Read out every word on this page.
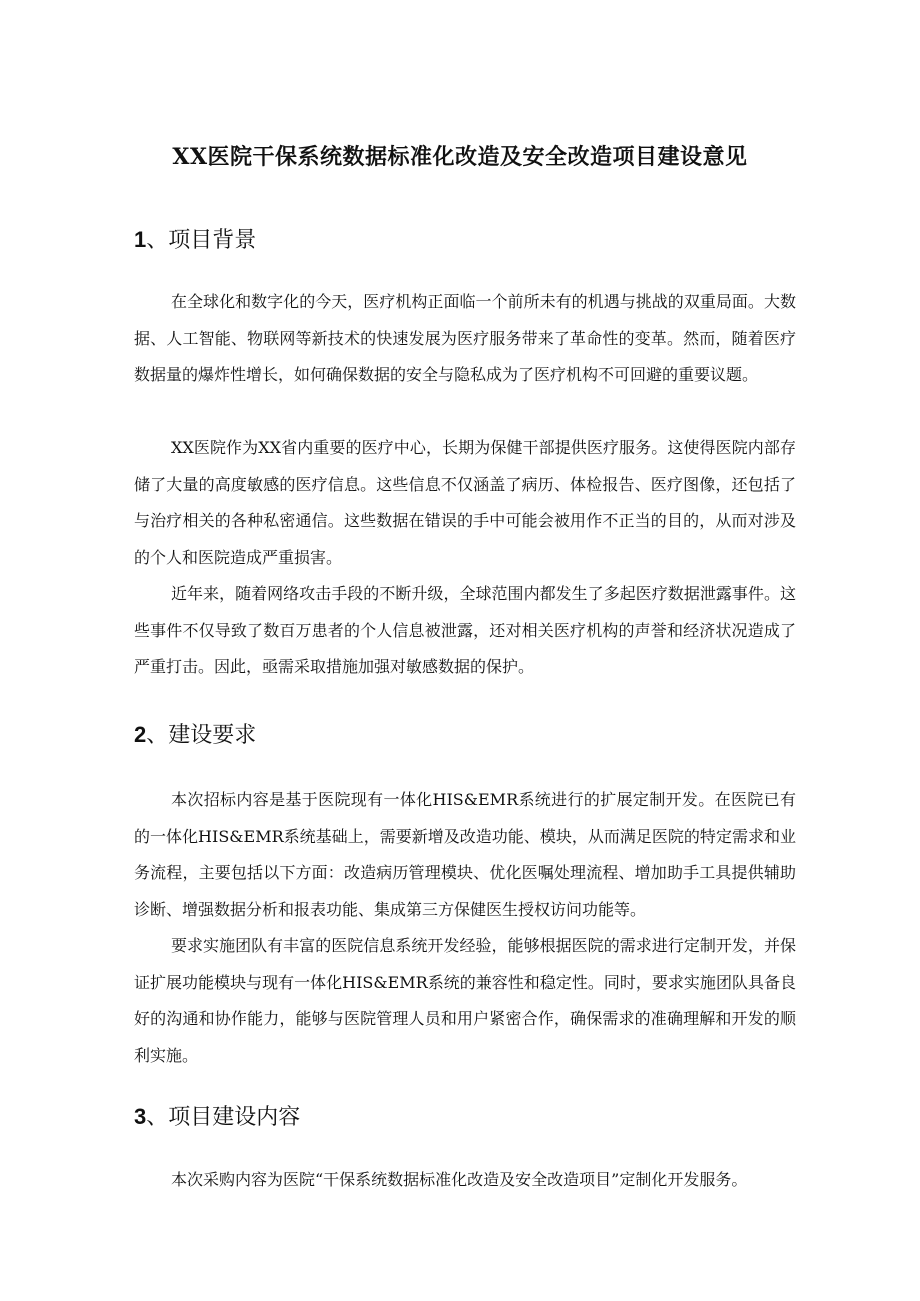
XX医院干保系统数据标准化改造及安全改造项目建设意见
1、项目背景

在全球化和数字化的今天，医疗机构正面临一个前所未有的机遇与挑战的双重局面。大数据、人工智能、物联网等新技术的快速发展为医疗服务带来了革命性的变革。然而，随着医疗数据量的爆炸性增长，如何确保数据的安全与隐私成为了医疗机构不可回避的重要议题。

XX医院作为XX省内重要的医疗中心，长期为保健干部提供医疗服务。这使得医院内部存储了大量的高度敏感的医疗信息。这些信息不仅涵盖了病历、体检报告、医疗图像，还包括了与治疗相关的各种私密通信。这些数据在错误的手中可能会被用作不正当的目的，从而对涉及的个人和医院造成严重损害。

近年来，随着网络攻击手段的不断升级，全球范围内都发生了多起医疗数据泄露事件。这些事件不仅导致了数百万患者的个人信息被泄露，还对相关医疗机构的声誉和经济状况造成了严重打击。因此，亟需采取措施加强对敏感数据的保护。

2、建设要求

本次招标内容是基于医院现有一体化HIS&EMR系统进行的扩展定制开发。在医院已有的一体化HIS&EMR系统基础上，需要新增及改造功能、模块，从而满足医院的特定需求和业务流程，主要包括以下方面：改造病历管理模块、优化医嘱处理流程、增加助手工具提供辅助诊断、增强数据分析和报表功能、集成第三方保健医生授权访问功能等。

要求实施团队有丰富的医院信息系统开发经验，能够根据医院的需求进行定制开发，并保证扩展功能模块与现有一体化HIS&EMR系统的兼容性和稳定性。同时，要求实施团队具备良好的沟通和协作能力，能够与医院管理人员和用户紧密合作，确保需求的准确理解和开发的顺利实施。

3、项目建设内容

本次采购内容为医院“干保系统数据标准化改造及安全改造项目”定制化开发服务。
